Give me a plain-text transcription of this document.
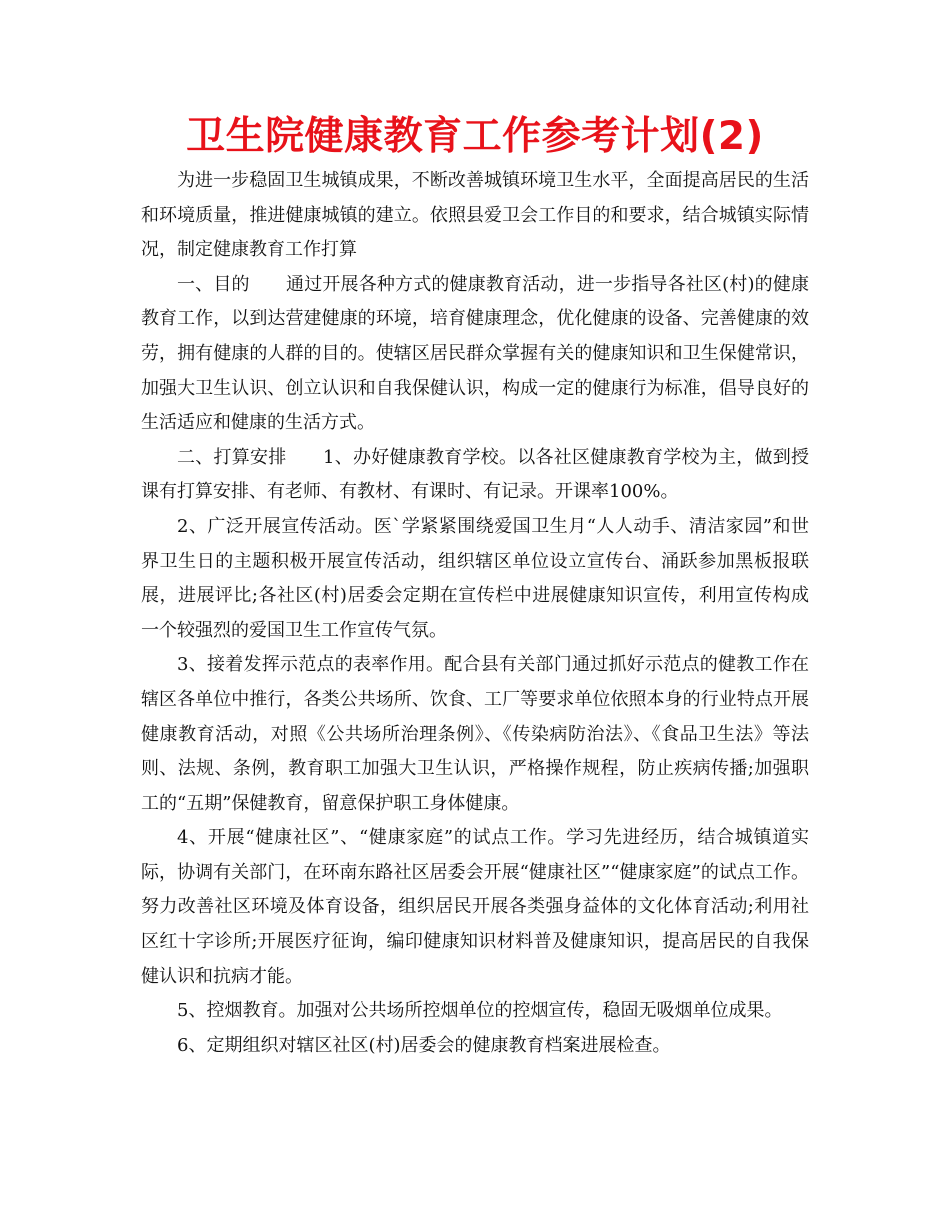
卫生院健康教育工作参考计划(2)

为进一步稳固卫生城镇成果，不断改善城镇环境卫生水平，全面提高居民的生活和环境质量，推进健康城镇的建立。依照县爱卫会工作目的和要求，结合城镇实际情况，制定健康教育工作打算

一、目的　　通过开展各种方式的健康教育活动，进一步指导各社区(村)的健康教育工作，以到达营建健康的环境，培育健康理念，优化健康的设备、完善健康的效劳，拥有健康的人群的目的。使辖区居民群众掌握有关的健康知识和卫生保健常识，加强大卫生认识、创立认识和自我保健认识，构成一定的健康行为标准，倡导良好的生活适应和健康的生活方式。

二、打算安排　　1、办好健康教育学校。以各社区健康教育学校为主，做到授课有打算安排、有老师、有教材、有课时、有记录。开课率100%。

2、广泛开展宣传活动。医`学紧紧围绕爱国卫生月“人人动手、清洁家园”和世界卫生日的主题积极开展宣传活动，组织辖区单位设立宣传台、涌跃参加黑板报联展，进展评比;各社区(村)居委会定期在宣传栏中进展健康知识宣传，利用宣传构成一个较强烈的爱国卫生工作宣传气氛。

3、接着发挥示范点的表率作用。配合县有关部门通过抓好示范点的健教工作在辖区各单位中推行，各类公共场所、饮食、工厂等要求单位依照本身的行业特点开展健康教育活动，对照《公共场所治理条例》、《传染病防治法》、《食品卫生法》等法则、法规、条例，教育职工加强大卫生认识，严格操作规程，防止疾病传播;加强职工的“五期”保健教育，留意保护职工身体健康。

4、开展“健康社区”、“健康家庭”的试点工作。学习先进经历，结合城镇道实际，协调有关部门，在环南东路社区居委会开展“健康社区”“健康家庭”的试点工作。努力改善社区环境及体育设备，组织居民开展各类强身益体的文化体育活动;利用社区红十字诊所;开展医疗征询，编印健康知识材料普及健康知识，提高居民的自我保健认识和抗病才能。

5、控烟教育。加强对公共场所控烟单位的控烟宣传，稳固无吸烟单位成果。

6、定期组织对辖区社区(村)居委会的健康教育档案进展检查。
